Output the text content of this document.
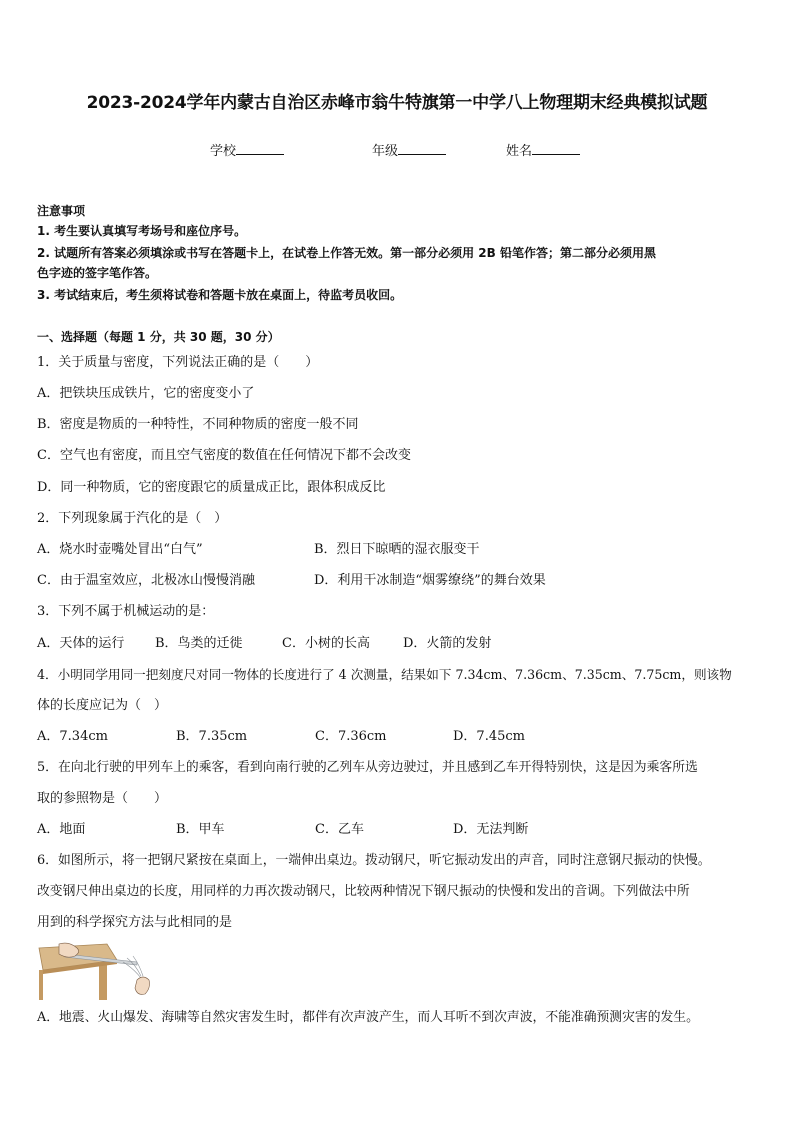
2023-2024学年内蒙古自治区赤峰市翁牛特旗第一中学八上物理期末经典模拟试题
学校	年级	姓名
注意事项
1. 考生要认真填写考场号和座位序号。
2. 试题所有答案必须填涂或书写在答题卡上，在试卷上作答无效。第一部分必须用 2B 铅笔作答；第二部分必须用黑
色字迹的签字笔作答。
3. 考试结束后，考生须将试卷和答题卡放在桌面上，待监考员收回。
一、选择题（每题 1 分，共 30 题，30 分）
1．关于质量与密度，下列说法正确的是（　　）
A．把铁块压成铁片，它的密度变小了
B．密度是物质的一种特性，不同种物质的密度一般不同
C．空气也有密度，而且空气密度的数值在任何情况下都不会改变
D．同一种物质，它的密度跟它的质量成正比，跟体积成反比
2．下列现象属于汽化的是（　）
A．烧水时壶嘴处冒出“白气”	B．烈日下晾晒的湿衣服变干
C．由于温室效应，北极冰山慢慢消融	D．利用干冰制造“烟雾缭绕”的舞台效果
3．下列不属于机械运动的是：
A．天体的运行 B．鸟类的迁徙	C．小树的长高	D．火箭的发射
4．小明同学用同一把刻度尺对同一物体的长度进行了 4 次测量，结果如下 7.34cm、7.36cm、7.35cm、7.75cm，则该物
体的长度应记为（　）
A．7.34cm	B．7.35cm	C．7.36cm	D．7.45cm
5．在向北行驶的甲列车上的乘客，看到向南行驶的乙列车从旁边驶过，并且感到乙车开得特别快，这是因为乘客所选
取的参照物是（　　）
A．地面	B．甲车	C．乙车	D．无法判断
6．如图所示，将一把钢尺紧按在桌面上，一端伸出桌边。拨动钢尺，听它振动发出的声音，同时注意钢尺振动的快慢。
改变钢尺伸出桌边的长度，用同样的力再次拨动钢尺，比较两种情况下钢尺振动的快慢和发出的音调。下列做法中所
用到的科学探究方法与此相同的是
A．地震、火山爆发、海啸等自然灾害发生时，都伴有次声波产生，而人耳听不到次声波，不能准确预测灾害的发生。
